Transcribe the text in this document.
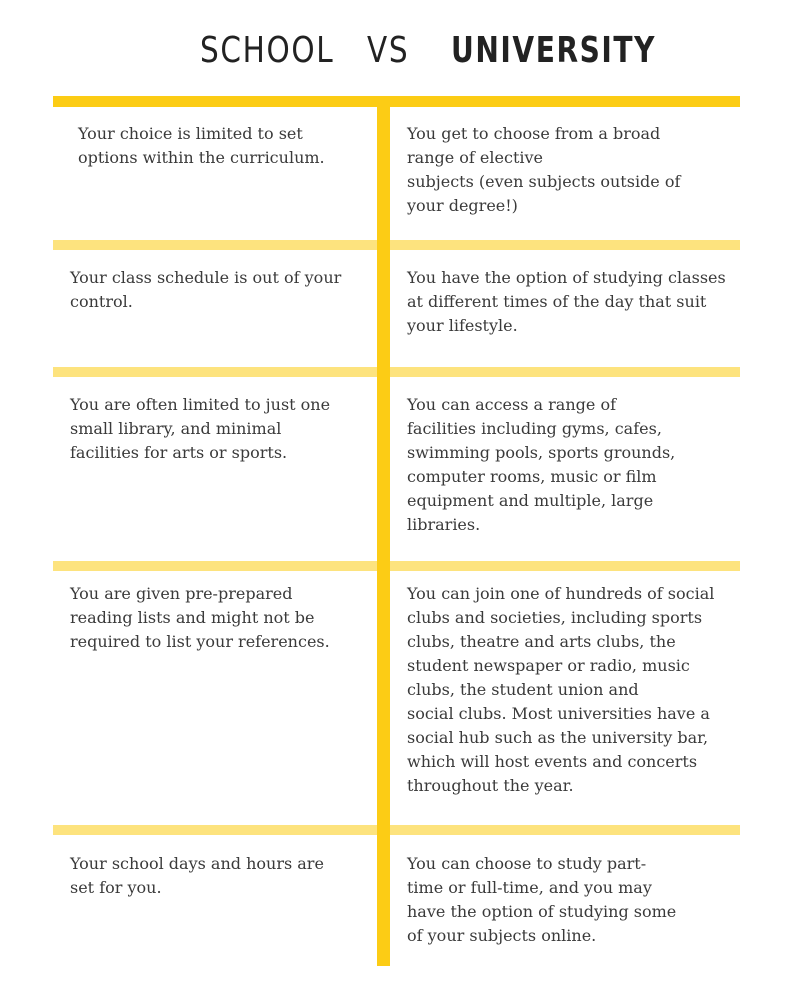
SCHOOL VS UNIVERSITY
Your choice is limited to set
options within the curriculum.
You get to choose from a broad
range of elective
subjects (even subjects outside of
your degree!)
Your class schedule is out of your
control.
You have the option of studying classes
at different times of the day that suit
your lifestyle.
You are often limited to just one
small library, and minimal
facilities for arts or sports.
You can access a range of
facilities including gyms, cafes,
swimming pools, sports grounds,
computer rooms, music or film
equipment and multiple, large
libraries.
You are given pre-prepared
reading lists and might not be
required to list your references.
You can join one of hundreds of social
clubs and societies, including sports
clubs, theatre and arts clubs, the
student newspaper or radio, music
clubs, the student union and
social clubs. Most universities have a
social hub such as the university bar,
which will host events and concerts
throughout the year.
Your school days and hours are
set for you.
You can choose to study part-
time or full-time, and you may
have the option of studying some
of your subjects online.
